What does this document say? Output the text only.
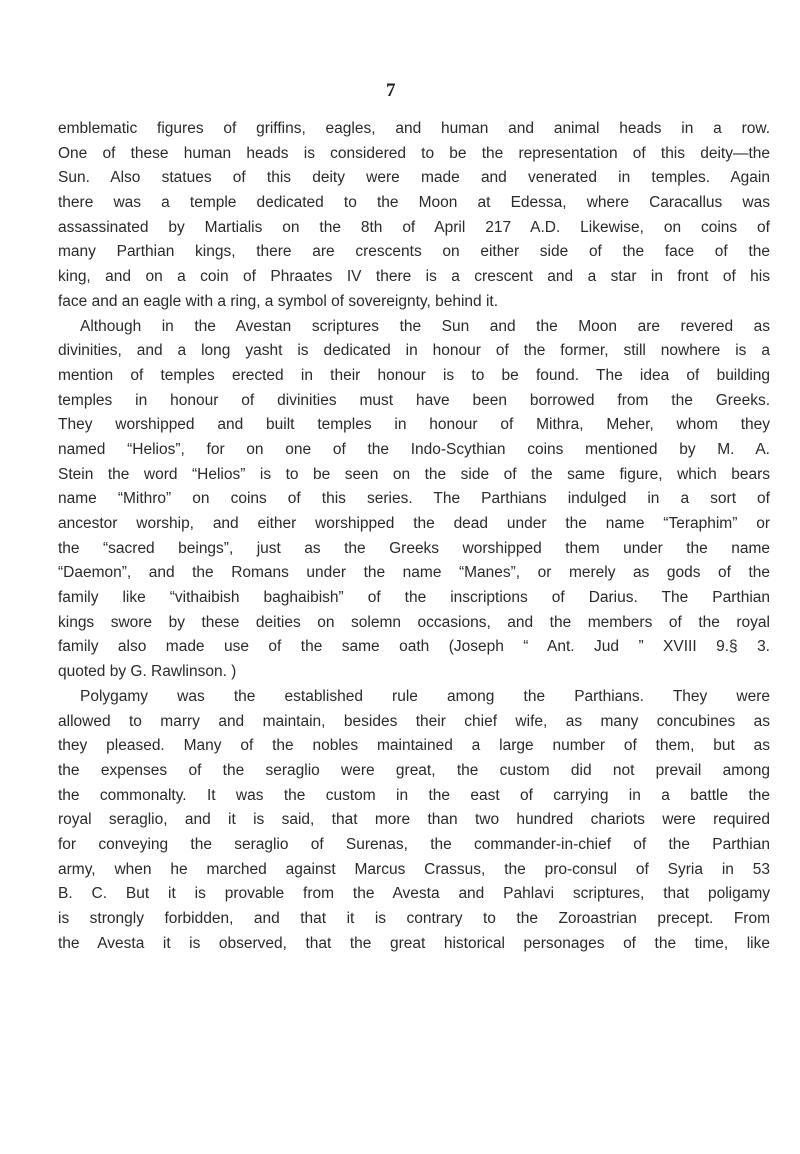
7
emblematic figures of griffins, eagles, and human and animal heads in a row.
One of these human heads is considered to be the representation of this deity—the
Sun. Also statues of this deity were made and venerated in temples. Again
there was a temple dedicated to the Moon at Edessa, where Caracallus was
assassinated by Martialis on the 8th of April 217 A.D. Likewise, on coins of
many Parthian kings, there are crescents on either side of the face of the
king, and on a coin of Phraates IV there is a crescent and a star in front of his
face and an eagle with a ring, a symbol of sovereignty, behind it.
Although in the Avestan scriptures the Sun and the Moon are revered as
divinities, and a long yasht is dedicated in honour of the former, still nowhere is a
mention of temples erected in their honour is to be found. The idea of building
temples in honour of divinities must have been borrowed from the Greeks.
They worshipped and built temples in honour of Mithra, Meher, whom they
named “Helios”, for on one of the Indo-Scythian coins mentioned by M. A.
Stein the word “Helios” is to be seen on the side of the same figure, which bears
name “Mithro” on coins of this series. The Parthians indulged in a sort of
ancestor worship, and either worshipped the dead under the name “Teraphim” or
the “sacred beings”, just as the Greeks worshipped them under the name
“Daemon”, and the Romans under the name “Manes”, or merely as gods of the
family like “vithaibish baghaibish” of the inscriptions of Darius. The Parthian
kings swore by these deities on solemn occasions, and the members of the royal
family also made use of the same oath (Joseph “ Ant. Jud ” XVIII 9.§ 3.
quoted by G. Rawlinson. )
Polygamy was the established rule among the Parthians. They were
allowed to marry and maintain, besides their chief wife, as many concubines as
they pleased. Many of the nobles maintained a large number of them, but as
the expenses of the seraglio were great, the custom did not prevail among
the commonalty. It was the custom in the east of carrying in a battle the
royal seraglio, and it is said, that more than two hundred chariots were required
for conveying the seraglio of Surenas, the commander-in-chief of the Parthian
army, when he marched against Marcus Crassus, the pro-consul of Syria in 53
B. C. But it is provable from the Avesta and Pahlavi scriptures, that poligamy
is strongly forbidden, and that it is contrary to the Zoroastrian precept. From
the Avesta it is observed, that the great historical personages of the time, like
